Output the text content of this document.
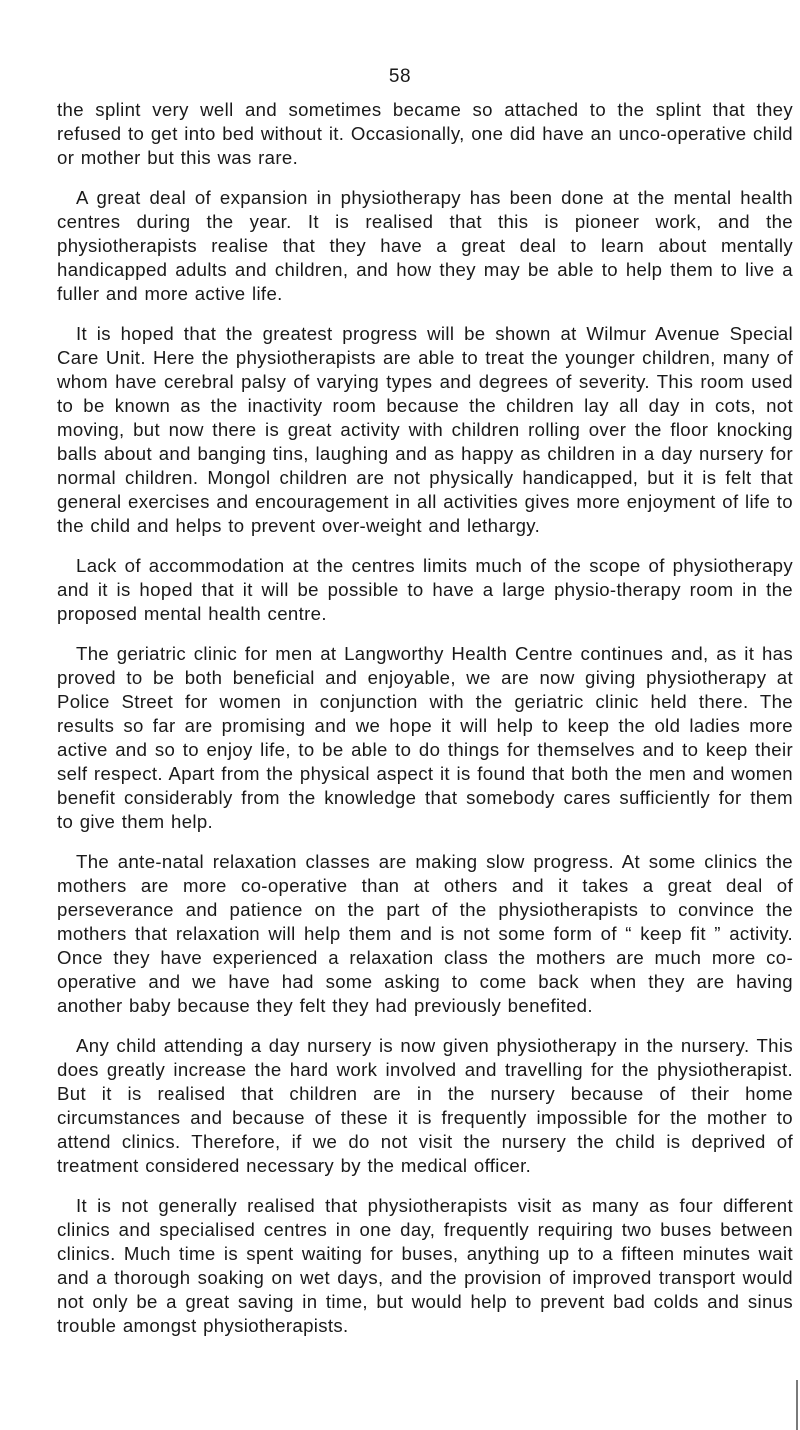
58

the splint very well and sometimes became so attached to the splint that they refused to get into bed without it. Occasionally, one did have an unco-operative child or mother but this was rare.

A great deal of expansion in physiotherapy has been done at the mental health centres during the year. It is realised that this is pioneer work, and the physiotherapists realise that they have a great deal to learn about mentally handicapped adults and children, and how they may be able to help them to live a fuller and more active life.

It is hoped that the greatest progress will be shown at Wilmur Avenue Special Care Unit. Here the physiotherapists are able to treat the younger children, many of whom have cerebral palsy of varying types and degrees of severity. This room used to be known as the inactivity room because the children lay all day in cots, not moving, but now there is great activity with children rolling over the floor knocking balls about and banging tins, laughing and as happy as children in a day nursery for normal children. Mongol children are not physically handicapped, but it is felt that general exercises and encouragement in all activities gives more enjoyment of life to the child and helps to prevent over-weight and lethargy.

Lack of accommodation at the centres limits much of the scope of physiotherapy and it is hoped that it will be possible to have a large physio-therapy room in the proposed mental health centre.

The geriatric clinic for men at Langworthy Health Centre continues and, as it has proved to be both beneficial and enjoyable, we are now giving physiotherapy at Police Street for women in conjunction with the geriatric clinic held there. The results so far are promising and we hope it will help to keep the old ladies more active and so to enjoy life, to be able to do things for themselves and to keep their self respect. Apart from the physical aspect it is found that both the men and women benefit considerably from the knowledge that somebody cares sufficiently for them to give them help.

The ante-natal relaxation classes are making slow progress. At some clinics the mothers are more co-operative than at others and it takes a great deal of perseverance and patience on the part of the physiotherapists to convince the mothers that relaxation will help them and is not some form of “ keep fit ” activity. Once they have experienced a relaxation class the mothers are much more co-operative and we have had some asking to come back when they are having another baby because they felt they had previously benefited.

Any child attending a day nursery is now given physiotherapy in the nursery. This does greatly increase the hard work involved and travelling for the physiotherapist. But it is realised that children are in the nursery because of their home circumstances and because of these it is frequently impossible for the mother to attend clinics. Therefore, if we do not visit the nursery the child is deprived of treatment considered necessary by the medical officer.

It is not generally realised that physiotherapists visit as many as four different clinics and specialised centres in one day, frequently requiring two buses between clinics. Much time is spent waiting for buses, anything up to a fifteen minutes wait and a thorough soaking on wet days, and the provision of improved transport would not only be a great saving in time, but would help to prevent bad colds and sinus trouble amongst physiotherapists.
